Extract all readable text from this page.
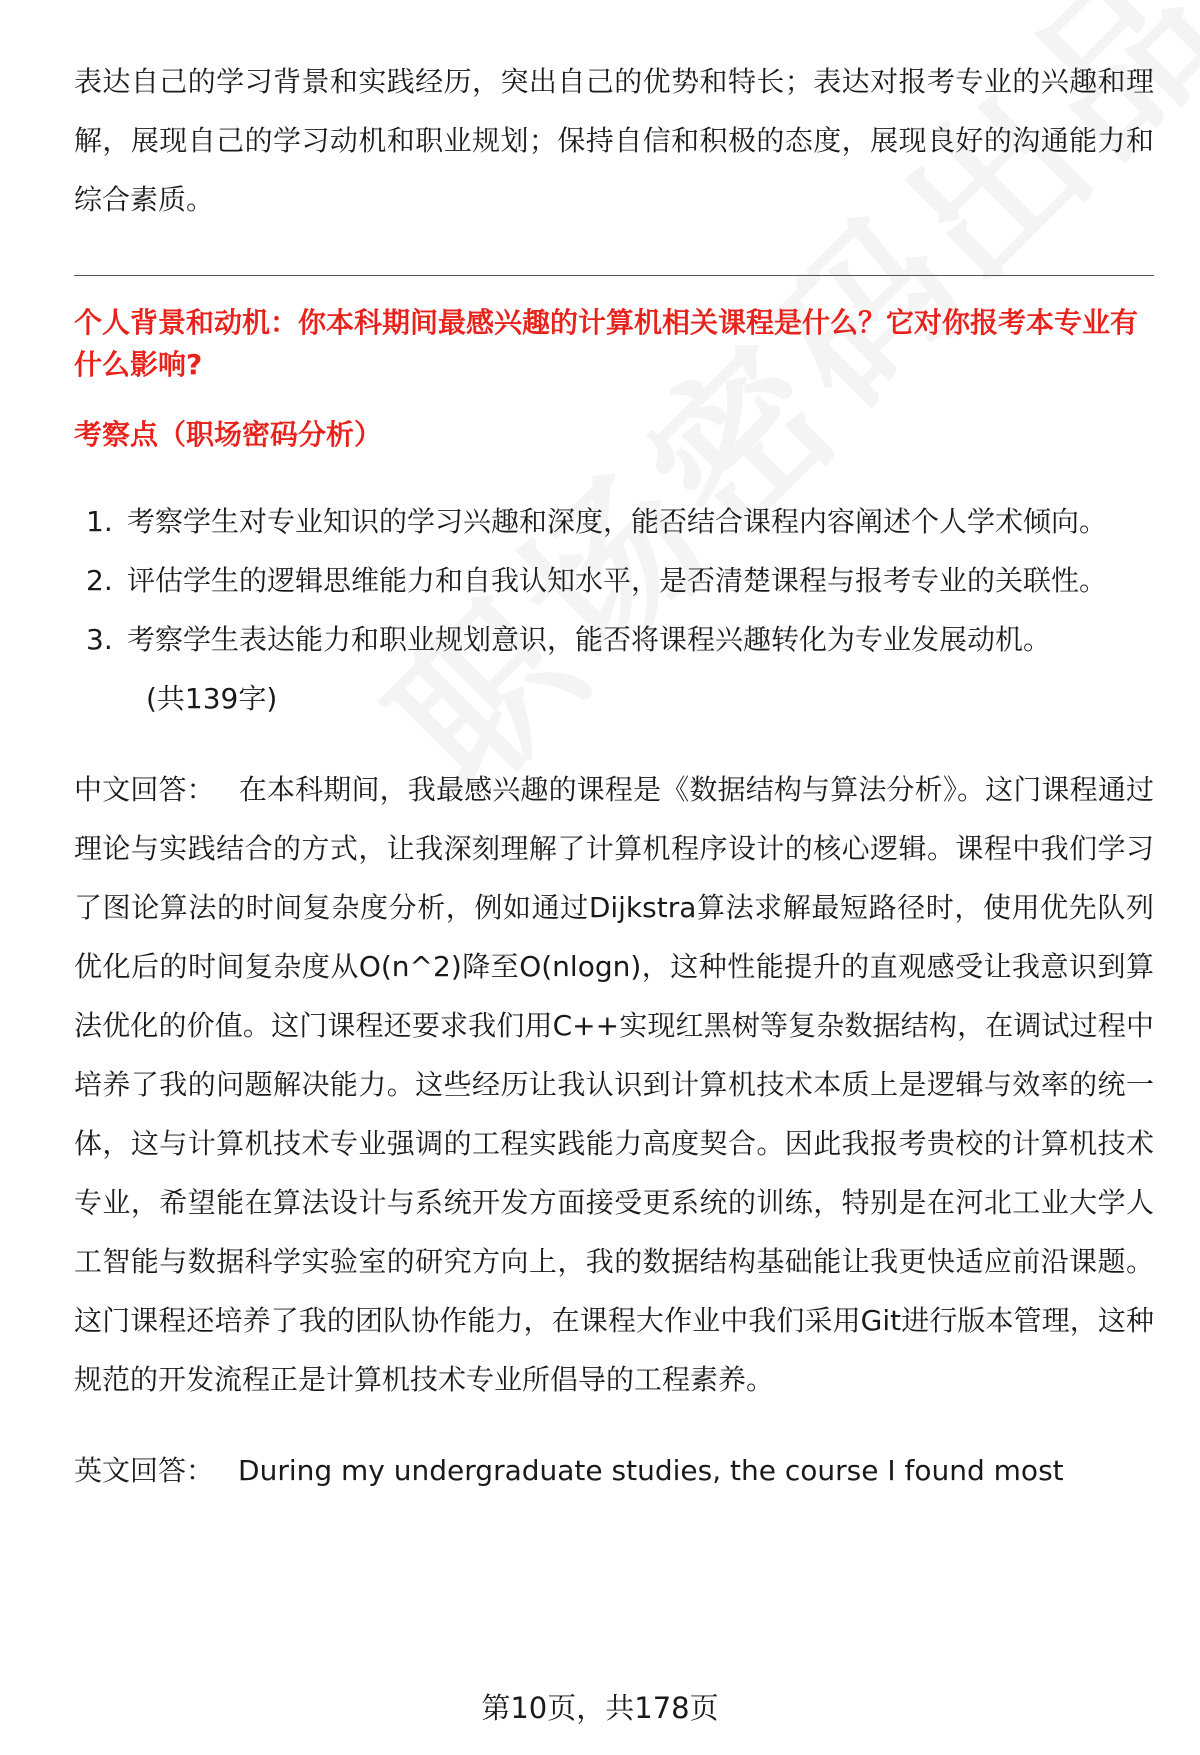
表达自己的学习背景和实践经历，突出自己的优势和特长；表达对报考专业的兴趣和理解，展现自己的学习动机和职业规划；保持自信和积极的态度，展现良好的沟通能力和综合素质。

个人背景和动机：你本科期间最感兴趣的计算机相关课程是什么？它对你报考本专业有什么影响?

考察点（职场密码分析）

1. 考察学生对专业知识的学习兴趣和深度，能否结合课程内容阐述个人学术倾向。
2. 评估学生的逻辑思维能力和自我认知水平，是否清楚课程与报考专业的关联性。
3. 考察学生表达能力和职业规划意识，能否将课程兴趣转化为专业发展动机。

(共139字)

中文回答： 在本科期间，我最感兴趣的课程是《数据结构与算法分析》。这门课程通过理论与实践结合的方式，让我深刻理解了计算机程序设计的核心逻辑。课程中我们学习了图论算法的时间复杂度分析，例如通过Dijkstra算法求解最短路径时，使用优先队列优化后的时间复杂度从O(n^2)降至O(nlogn)，这种性能提升的直观感受让我意识到算法优化的价值。这门课程还要求我们用C++实现红黑树等复杂数据结构，在调试过程中培养了我的问题解决能力。这些经历让我认识到计算机技术本质上是逻辑与效率的统一体，这与计算机技术专业强调的工程实践能力高度契合。因此我报考贵校的计算机技术专业，希望能在算法设计与系统开发方面接受更系统的训练，特别是在河北工业大学人工智能与数据科学实验室的研究方向上，我的数据结构基础能让我更快适应前沿课题。这门课程还培养了我的团队协作能力，在课程大作业中我们采用Git进行版本管理，这种规范的开发流程正是计算机技术专业所倡导的工程素养。

英文回答： During my undergraduate studies, the course I found most

第10页，共178页
